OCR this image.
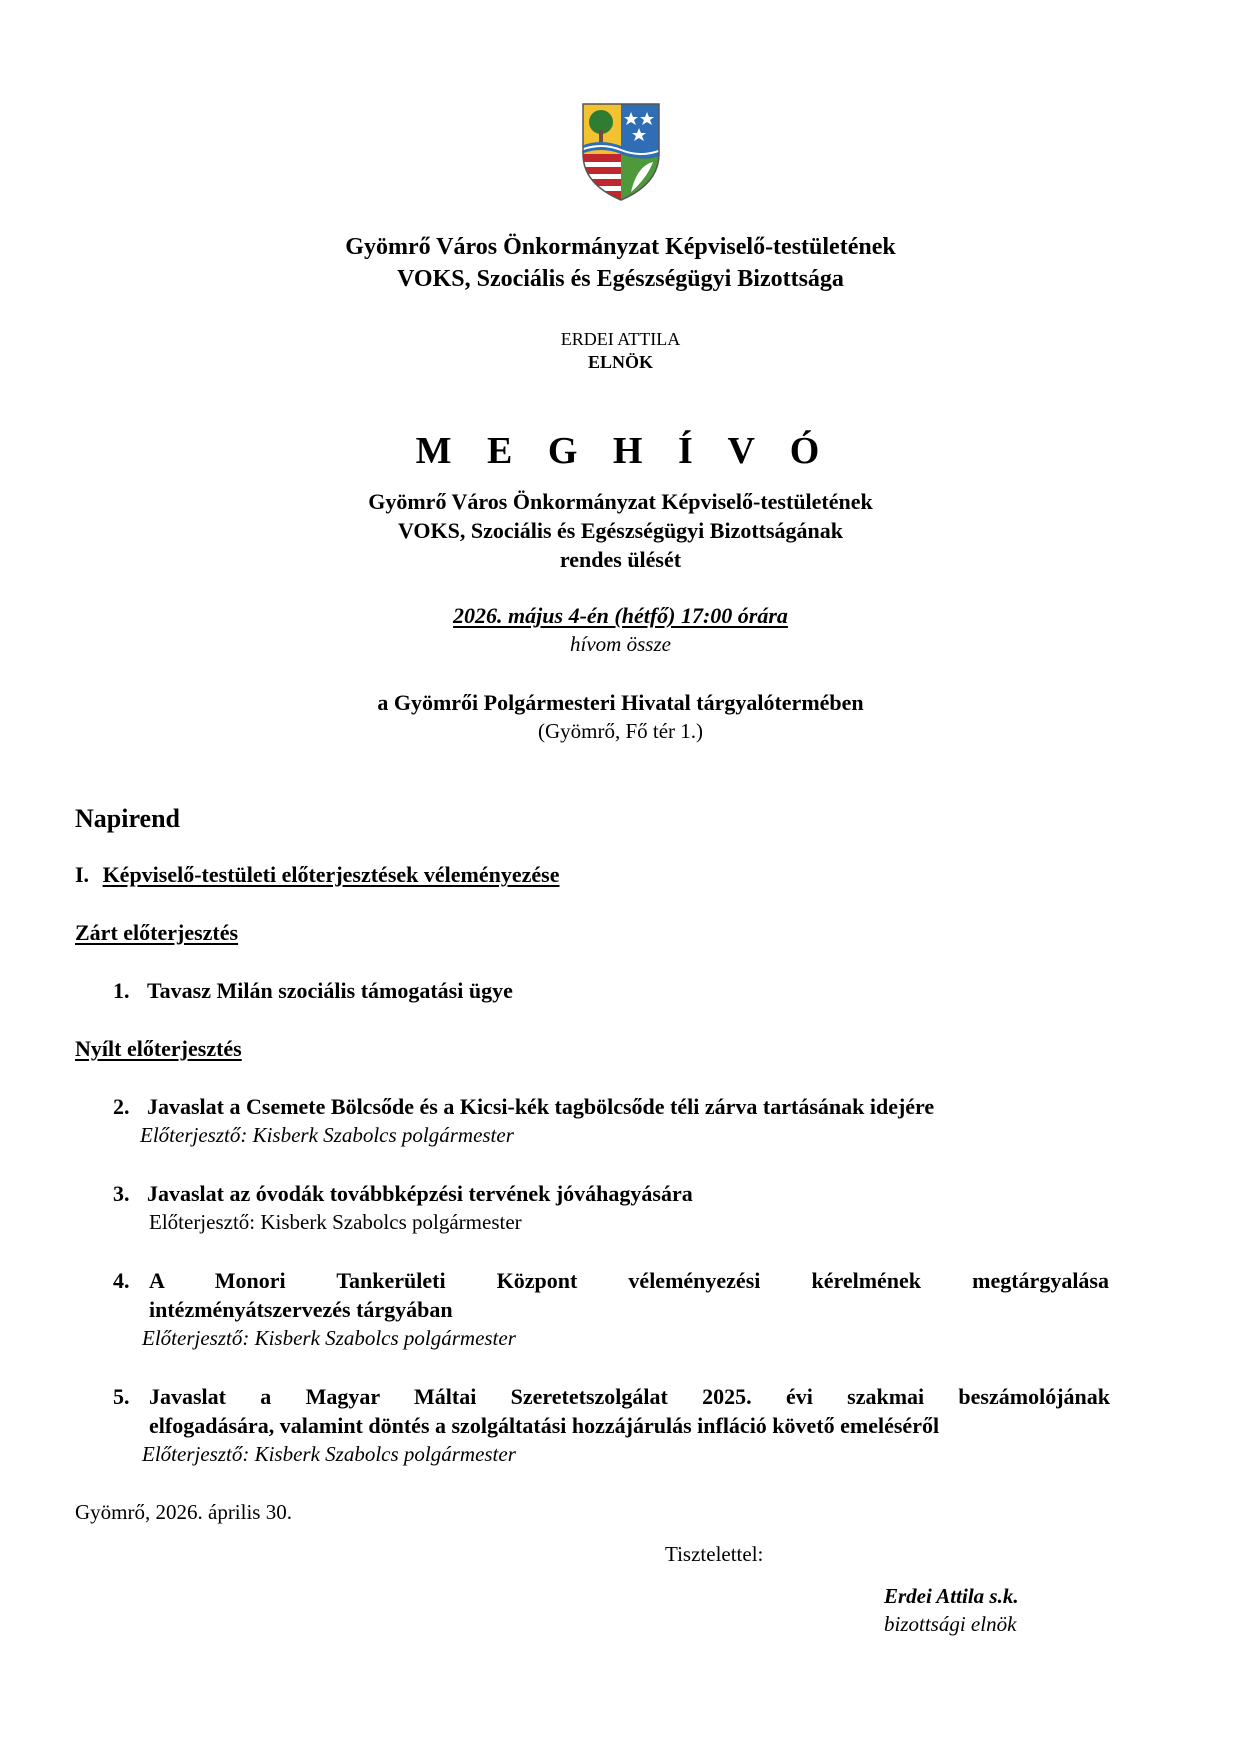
Gyömrő Város Önkormányzat Képviselő-testületének
VOKS, Szociális és Egészségügyi Bizottsága
ERDEI ATTILA
ELNÖK
M E G H Í V Ó
Gyömrő Város Önkormányzat Képviselő-testületének
VOKS, Szociális és Egészségügyi Bizottságának
rendes ülését
2026. május 4-én (hétfő) 17:00 órára
hívom össze
a Gyömrői Polgármesteri Hivatal tárgyalótermében
(Gyömrő, Fő tér 1.)
Napirend
I. Képviselő-testületi előterjesztések véleményezése
Zárt előterjesztés
1. Tavasz Milán szociális támogatási ügye
Nyílt előterjesztés
2. Javaslat a Csemete Bölcsőde és a Kicsi-kék tagbölcsőde téli zárva tartásának idejére
Előterjesztő: Kisberk Szabolcs polgármester
3. Javaslat az óvodák továbbképzési tervének jóváhagyására
Előterjesztő: Kisberk Szabolcs polgármester
4. A Monori Tankerületi Központ véleményezési kérelmének megtárgyalása
intézményátszervezés tárgyában
Előterjesztő: Kisberk Szabolcs polgármester
5. Javaslat a Magyar Máltai Szeretetszolgálat 2025. évi szakmai beszámolójának
elfogadására, valamint döntés a szolgáltatási hozzájárulás infláció követő emeléséről
Előterjesztő: Kisberk Szabolcs polgármester
Gyömrő, 2026. április 30.
Tisztelettel:
Erdei Attila s.k.
bizottsági elnök
